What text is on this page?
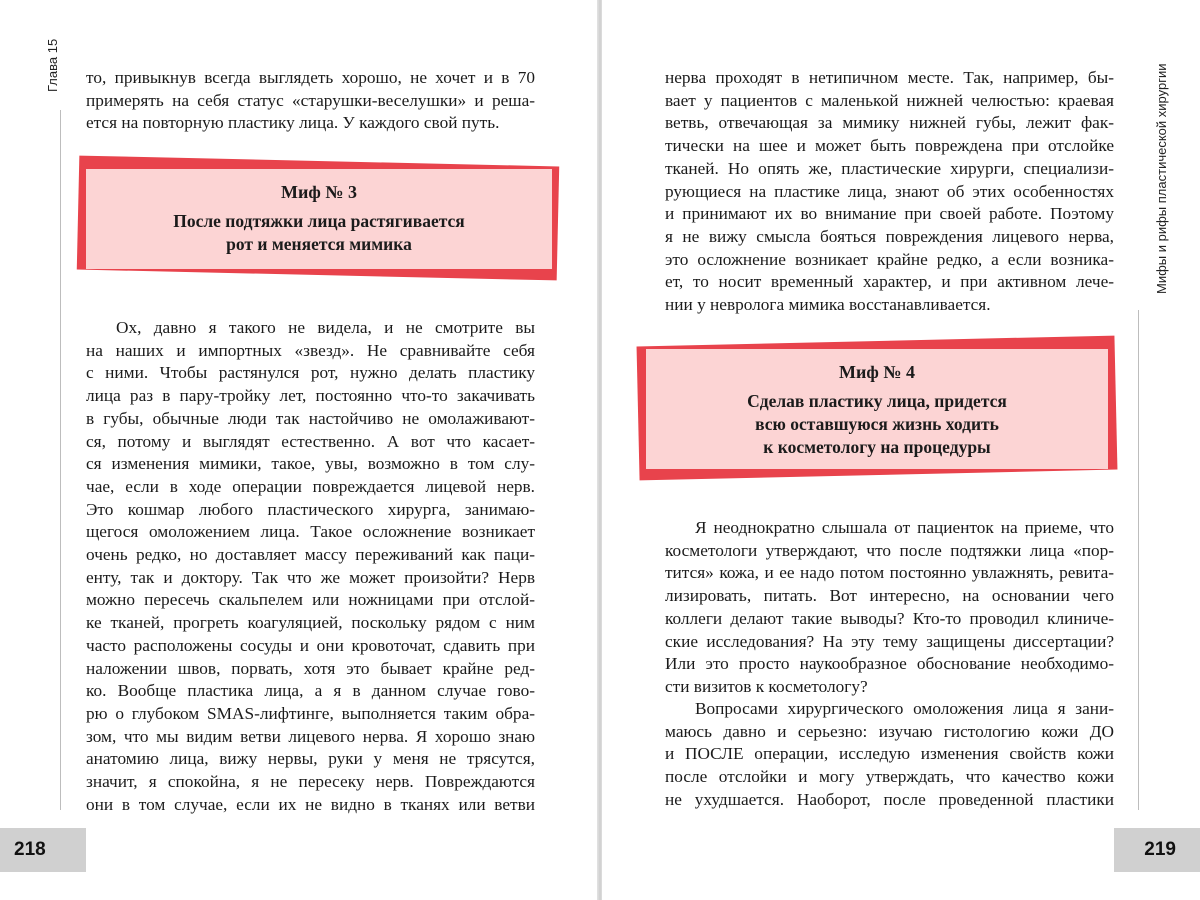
Глава 15 то, привыкнув всегда выглядеть хорошо, не хочет и в 70

примерять на себя статус «старушки-веселушки» и реша-

ется на повторную пластику лица. У каждого свой путь.

Миф № 3
После подтяжки лица растягивается
рот и меняется мимика

Ох, давно я такого не видела, и не смотрите вы

на наших и импортных «звезд». Не сравнивайте себя

с ними. Чтобы растянулся рот, нужно делать пластику

лица раз в пару-тройку лет, постоянно что-то закачивать

в губы, обычные люди так настойчиво не омолаживают-

ся, потому и выглядят естественно. А вот что касает-

ся изменения мимики, такое, увы, возможно в том слу-

чае, если в ходе операции повреждается лицевой нерв.

Это кошмар любого пластического хирурга, занимаю-

щегося омоложением лица. Такое осложнение возникает

очень редко, но доставляет массу переживаний как паци-

енту, так и доктору. Так что же может произойти? Нерв

можно пересечь скальпелем или ножницами при отслой-

ке тканей, прогреть коагуляцией, поскольку рядом с ним

часто расположены сосуды и они кровоточат, сдавить при

наложении швов, порвать, хотя это бывает крайне ред-

ко. Вообще пластика лица, а я в данном случае гово-

рю о глубоком SMAS-лифтинге, выполняется таким обра-

зом, что мы видим ветви лицевого нерва. Я хорошо знаю

анатомию лица, вижу нервы, руки у меня не трясутся,

значит, я спокойна, я не пересеку нерв. Повреждаются

они в том случае, если их не видно в тканях или ветви

218
Мифы и рифы пластической хирургии

нерва проходят в нетипичном месте. Так, например, бы-

вает у пациентов с маленькой нижней челюстью: краевая

ветвь, отвечающая за мимику нижней губы, лежит фак-

тически на шее и может быть повреждена при отслойке

тканей. Но опять же, пластические хирурги, специализи-

рующиеся на пластике лица, знают об этих особенностях

и принимают их во внимание при своей работе. Поэтому

я не вижу смысла бояться повреждения лицевого нерва,

это осложнение возникает крайне редко, а если возника-

ет, то носит временный характер, и при активном лече-

нии у невролога мимика восстанавливается.

Миф № 4
Сделав пластику лица, придется
всю оставшуюся жизнь ходить
к косметологу на процедуры

Я неоднократно слышала от пациенток на приеме, что

косметологи утверждают, что после подтяжки лица «пор-

тится» кожа, и ее надо потом постоянно увлажнять, ревита-

лизировать, питать. Вот интересно, на основании чего

коллеги делают такие выводы? Кто-то проводил клиниче-

ские исследования? На эту тему защищены диссертации?

Или это просто наукообразное обоснование необходимо-

сти визитов к косметологу?

Вопросами хирургического омоложения лица я зани-

маюсь давно и серьезно: изучаю гистологию кожи ДО

и ПОСЛЕ операции, исследую изменения свойств кожи

после отслойки и могу утверждать, что качество кожи

не ухудшается. Наоборот, после проведенной пластики

219
